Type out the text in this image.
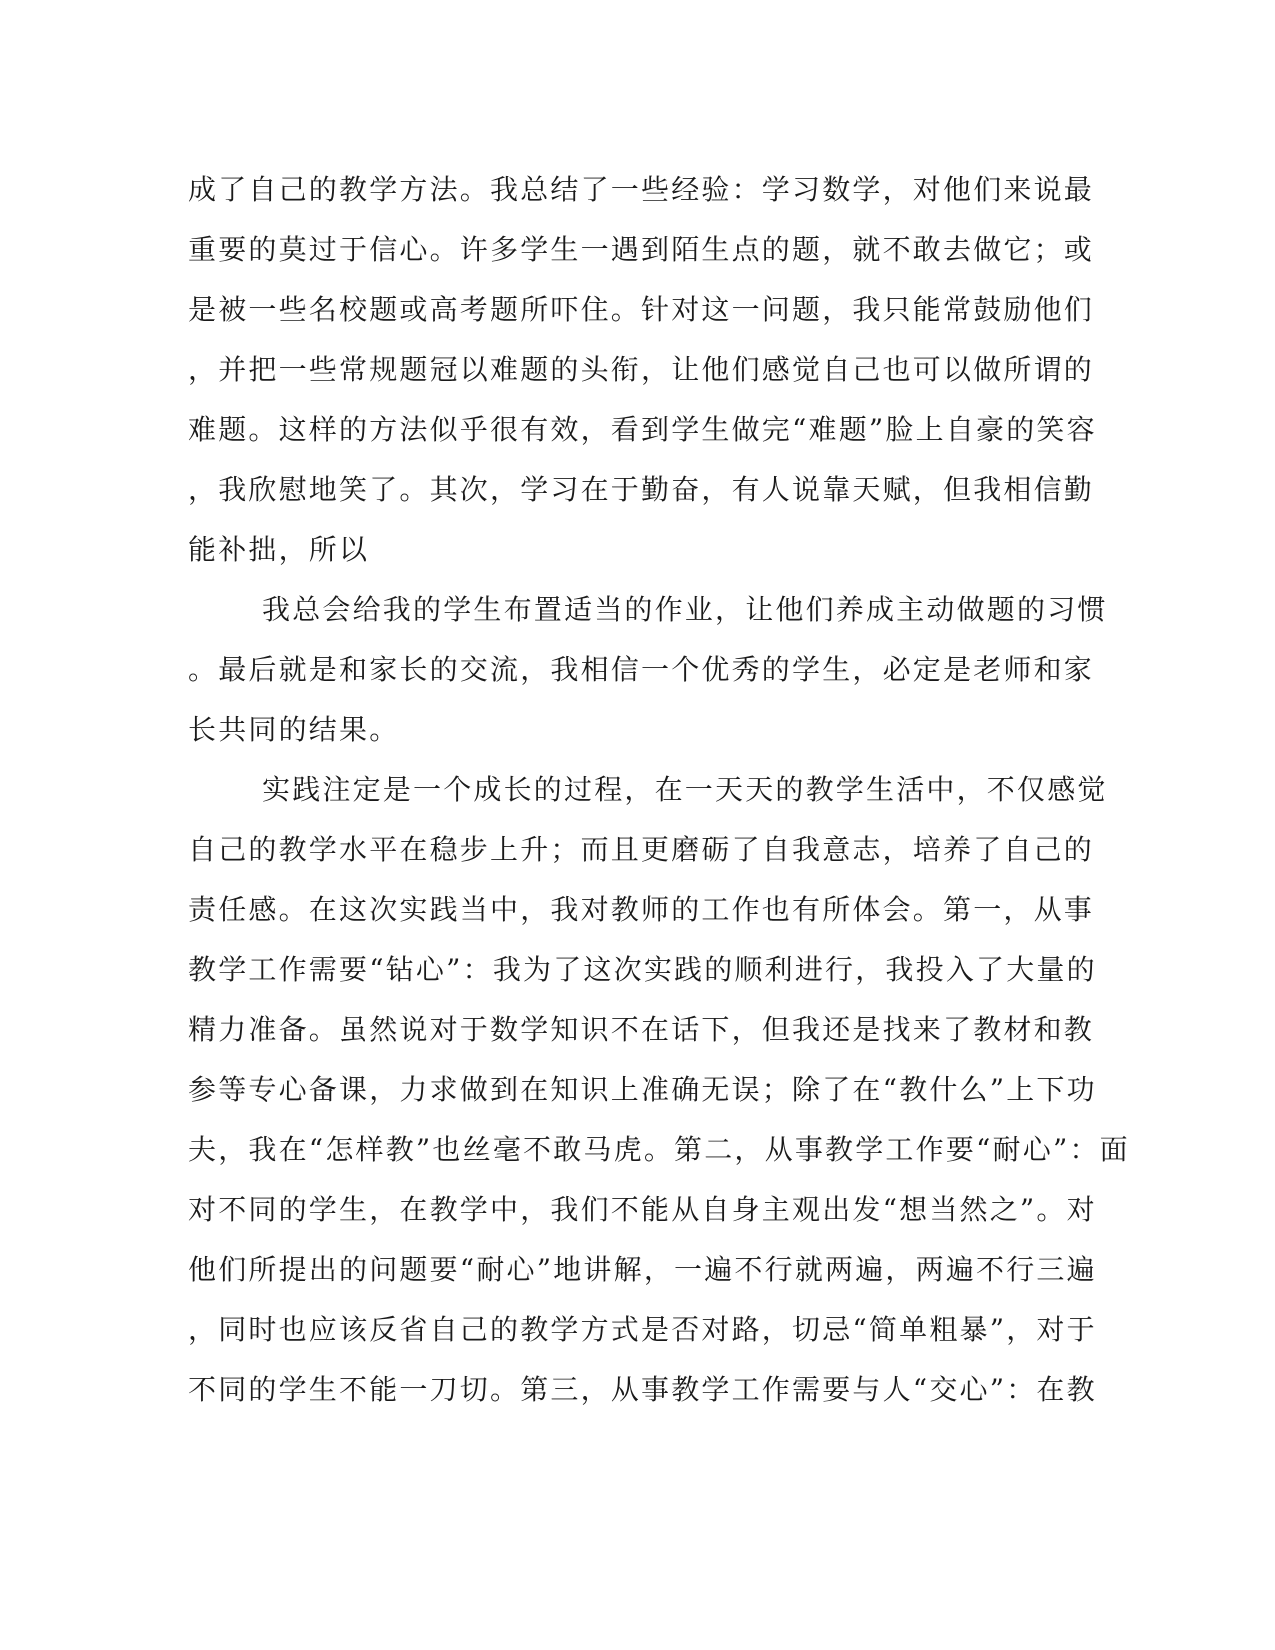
成了自己的教学方法。我总结了一些经验：学习数学，对他们来说最
重要的莫过于信心。许多学生一遇到陌生点的题，就不敢去做它；或
是被一些名校题或高考题所吓住。针对这一问题，我只能常鼓励他们
，并把一些常规题冠以难题的头衔，让他们感觉自己也可以做所谓的
难题。这样的方法似乎很有效，看到学生做完“难题”脸上自豪的笑容
，我欣慰地笑了。其次，学习在于勤奋，有人说靠天赋，但我相信勤
能补拙，所以
我总会给我的学生布置适当的作业，让他们养成主动做题的习惯
。最后就是和家长的交流，我相信一个优秀的学生，必定是老师和家
长共同的结果。
实践注定是一个成长的过程，在一天天的教学生活中，不仅感觉
自己的教学水平在稳步上升；而且更磨砺了自我意志，培养了自己的
责任感。在这次实践当中，我对教师的工作也有所体会。第一，从事
教学工作需要“钻心”：我为了这次实践的顺利进行，我投入了大量的
精力准备。虽然说对于数学知识不在话下，但我还是找来了教材和教
参等专心备课，力求做到在知识上准确无误；除了在“教什么”上下功
夫，我在“怎样教”也丝毫不敢马虎。第二，从事教学工作要“耐心”：面
对不同的学生，在教学中，我们不能从自身主观出发“想当然之”。对
他们所提出的问题要“耐心”地讲解，一遍不行就两遍，两遍不行三遍
，同时也应该反省自己的教学方式是否对路，切忌“简单粗暴”，对于
不同的学生不能一刀切。第三，从事教学工作需要与人“交心”：在教
